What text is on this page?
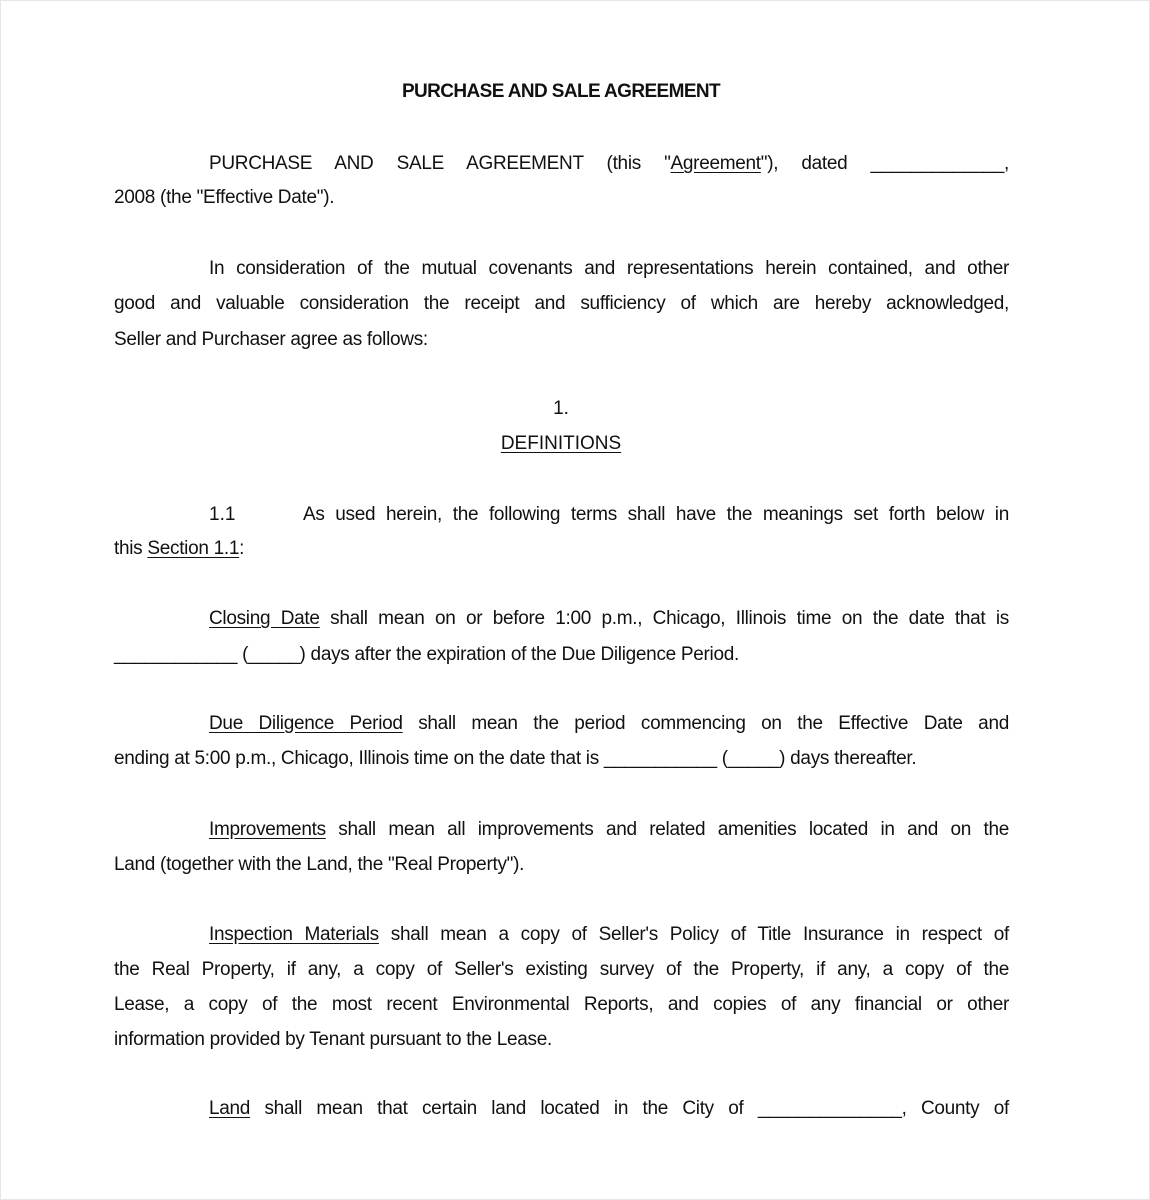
PURCHASE AND SALE AGREEMENT
PURCHASE AND SALE AGREEMENT (this "Agreement"), dated _____________,
2008 (the "Effective Date").
In consideration of the mutual covenants and representations herein contained, and other
good and valuable consideration the receipt and sufficiency of which are hereby acknowledged,
Seller and Purchaser agree as follows:
1.
DEFINITIONS
1.1	As used herein, the following terms shall have the meanings set forth below in
this Section 1.1:
Closing Date shall mean on or before 1:00 p.m., Chicago, Illinois time on the date that is
____________ (_____) days after the expiration of the Due Diligence Period.
Due Diligence Period shall mean the period commencing on the Effective Date and
ending at 5:00 p.m., Chicago, Illinois time on the date that is ___________ (_____) days thereafter.
Improvements shall mean all improvements and related amenities located in and on the
Land (together with the Land, the "Real Property").
Inspection Materials shall mean a copy of Seller's Policy of Title Insurance in respect of
the Real Property, if any, a copy of Seller's existing survey of the Property, if any, a copy of the
Lease, a copy of the most recent Environmental Reports, and copies of any financial or other
information provided by Tenant pursuant to the Lease.
Land shall mean that certain land located in the City of ______________, County of
